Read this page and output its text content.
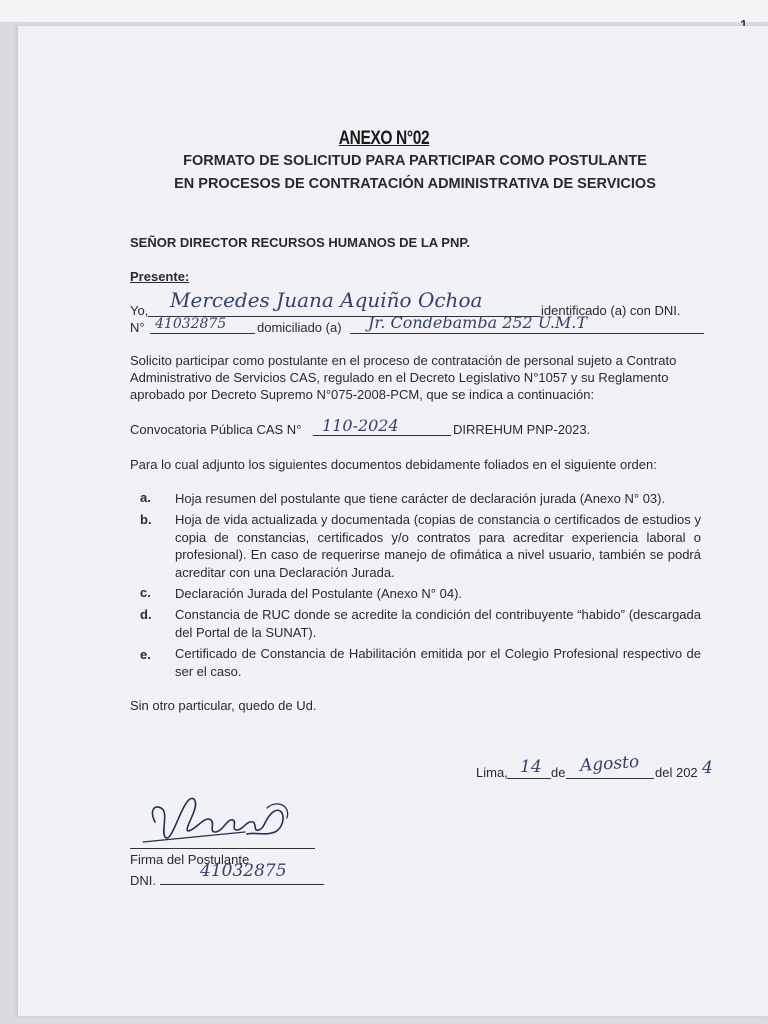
ANEXO N°02
FORMATO DE SOLICITUD PARA PARTICIPAR COMO POSTULANTE
EN PROCESOS DE CONTRATACIÓN ADMINISTRATIVA DE SERVICIOS
SEÑOR DIRECTOR RECURSOS HUMANOS DE LA PNP.
Presente:
Yo,	Mercedes Juana Aquiño Ochoa	identificado (a) con DNI.
N° 41032875 domiciliado (a)	Jr. Condebamba 252 U.M.T
Solicito participar como postulante en el proceso de contratación de personal sujeto a Contrato
Administrativo de Servicios CAS, regulado en el Decreto Legislativo N°1057 y su Reglamento
aprobado por Decreto Supremo N°075-2008-PCM, que se indica a continuación:
Convocatoria Pública CAS N°	110-2024	DIRREHUM PNP-2023.
Para lo cual adjunto los siguientes documentos debidamente foliados en el siguiente orden:
a. Hoja resumen del postulante que tiene carácter de declaración jurada (Anexo N° 03).
b. Hoja de vida actualizada y documentada (copias de constancia o certificados de estudios y copia de constancias, certificados y/o contratos para acreditar experiencia laboral o profesional). En caso de requerirse manejo de ofimática a nivel usuario, también se podrá acreditar con una Declaración Jurada.
c. Declaración Jurada del Postulante (Anexo N° 04).
d. Constancia de RUC donde se acredite la condición del contribuyente “habido” (descargada del Portal de la SUNAT).
e. Certificado de Constancia de Habilitación emitida por el Colegio Profesional respectivo de ser el caso.
Sin otro particular, quedo de Ud.
Lima, 14 de Agosto del 202 4
Firma del Postulante
DNI.	41032875
